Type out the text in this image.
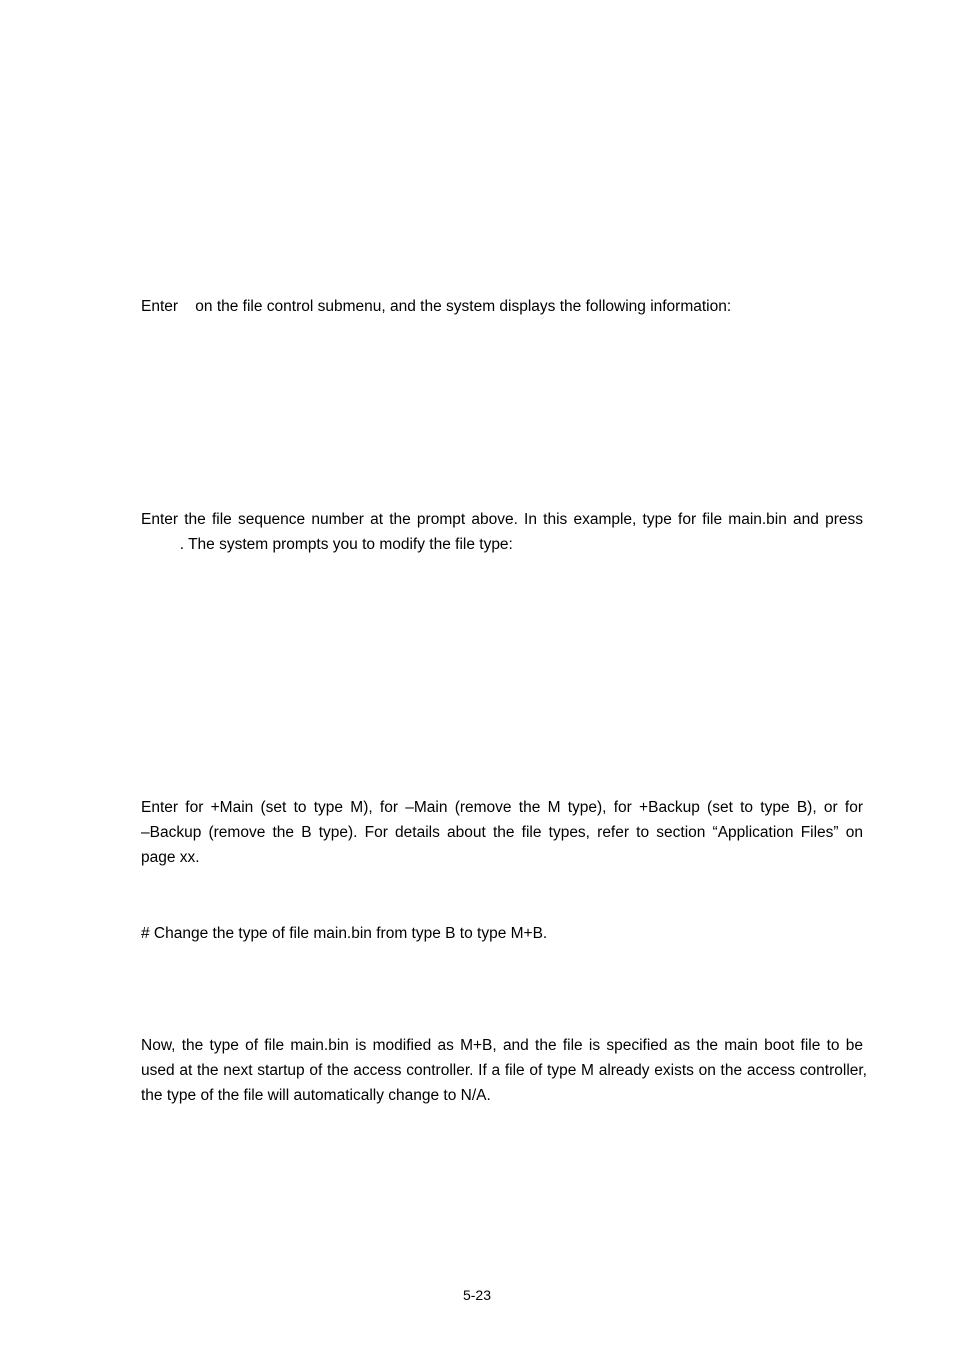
Enter    on the file control submenu, and the system displays the following information:
Enter the file sequence number at the prompt above. In this example, type for file main.bin and press
. The system prompts you to modify the file type:
Enter for +Main (set to type M), for –Main (remove the M type), for +Backup (set to type B), or for
–Backup (remove the B type). For details about the file types, refer to section “Application Files” on
page xx.
# Change the type of file main.bin from type B to type M+B.
Now, the type of file main.bin is modified as M+B, and the file is specified as the main boot file to be
used at the next startup of the access controller. If a file of type M already exists on the access controller,
the type of the file will automatically change to N/A.
5-23
